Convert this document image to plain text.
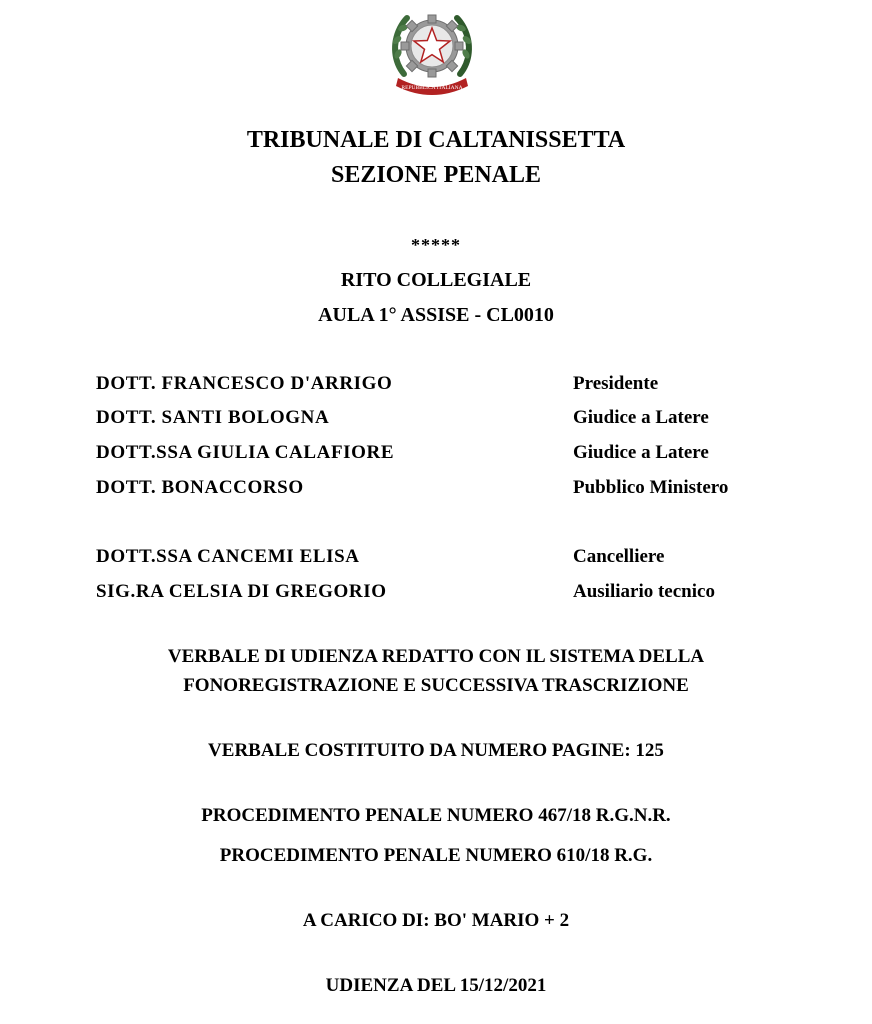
REPUBBLICA ITALIANA
TRIBUNALE DI CALTANISSETTA
SEZIONE PENALE
*****
RITO COLLEGIALE
AULA 1° ASSISE - CL0010
DOTT. FRANCESCO D'ARRIGO	Presidente
DOTT. SANTI BOLOGNA	Giudice a Latere
DOTT.SSA GIULIA CALAFIORE	Giudice a Latere
DOTT. BONACCORSO	Pubblico Ministero
DOTT.SSA CANCEMI ELISA	Cancelliere
SIG.RA CELSIA DI GREGORIO	Ausiliario tecnico
VERBALE DI UDIENZA REDATTO CON IL SISTEMA DELLA
FONOREGISTRAZIONE E SUCCESSIVA TRASCRIZIONE
VERBALE COSTITUITO DA NUMERO PAGINE: 125
PROCEDIMENTO PENALE NUMERO 467/18 R.G.N.R.
PROCEDIMENTO PENALE NUMERO 610/18 R.G.
A CARICO DI: BO' MARIO + 2
UDIENZA DEL 15/12/2021
